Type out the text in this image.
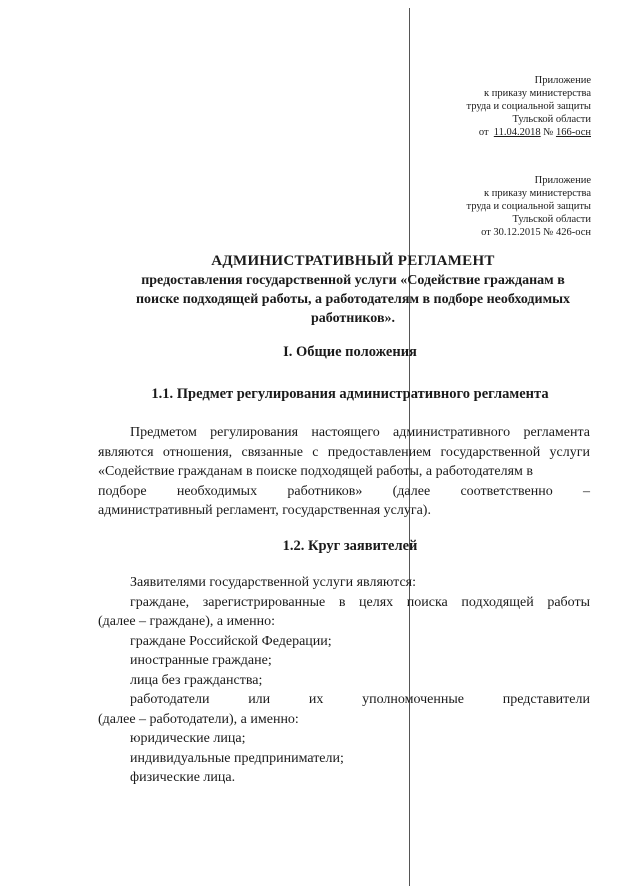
Приложение
к приказу министерства
труда и социальной защиты
Тульской области
от 11.04.2018 № 166-осн
Приложение
к приказу министерства
труда и социальной защиты
Тульской области
от 30.12.2015 № 426-осн
АДМИНИСТРАТИВНЫЙ РЕГЛАМЕНТ
предоставления государственной услуги «Содействие гражданам в
поиске подходящей работы, а работодателям в подборе необходимых
работников».
I. Общие положения
1.1. Предмет регулирования административного регламента
Предметом регулирования настоящего административного регламента являются отношения, связанные с предоставлением государственной услуги «Содействие гражданам в поиске подходящей работы, а работодателям в
подборе необходимых работников» (далее соответственно –
административный регламент, государственная услуга).
1.2. Круг заявителей
Заявителями государственной услуги являются:
граждане, зарегистрированные в целях поиска подходящей работы
(далее – граждане), а именно:
граждане Российской Федерации;
иностранные граждане;
лица без гражданства;
работодатели или их уполномоченные представители
(далее – работодатели), а именно:
юридические лица;
индивидуальные предприниматели;
физические лица.
